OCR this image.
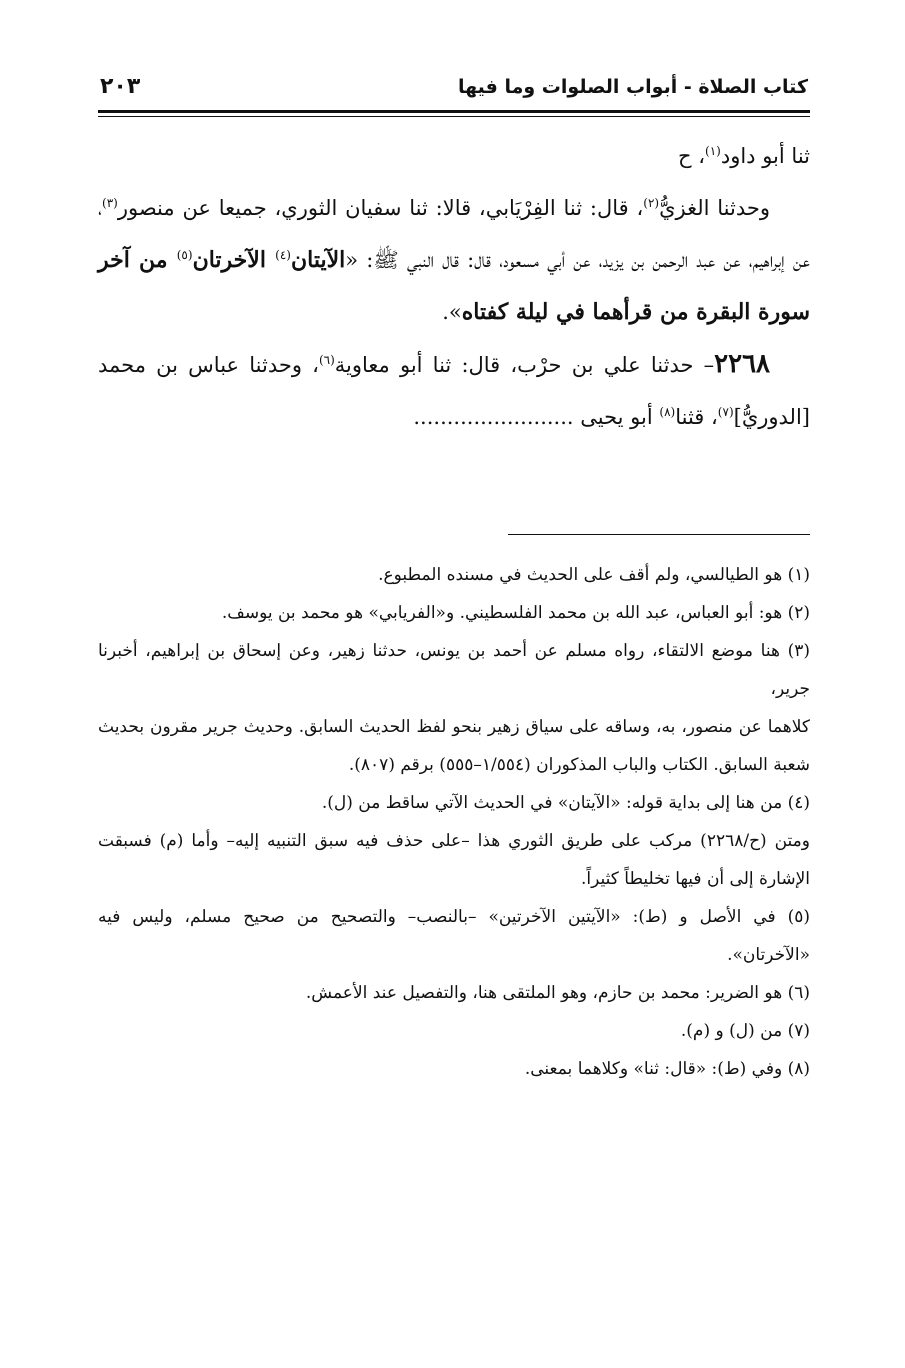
كتاب الصلاة - أبواب الصلوات وما فيها
٢٠٣

ثنا أبو داود$^{(١)}$، ح

وحدثنا الغزيُّ$^{(٢)}$، قال: ثنا الفِرْيَابي، قالا: ثنا سفيان الثوري، جميعا عن منصور$^{(٣)}$، عن إبراهيم، عن عبد الرحمن بن يزيد، عن أبي مسعود، قال: قال النبي ﷺ: «الآيتان$^{(٤)}$ الآخرتان$^{(٥)}$ من آخر سورة البقرة من قرأهما في ليلة كفتاه».

٢٢٦٨– حدثنا علي بن حرْب، قال: ثنا أبو معاوية$^{(٦)}$، وحدثنا عباس بن محمد [الدوريُّ]$^{(٧)}$، قثنا$^{(٨)}$ أبو يحيى ........................

(١) هو الطيالسي، ولم أقف على الحديث في مسنده المطبوع.

(٢) هو: أبو العباس، عبد الله بن محمد الفلسطيني. و«الفريابي» هو محمد بن يوسف.

(٣) هنا موضع الالتقاء، رواه مسلم عن أحمد بن يونس، حدثنا زهير، وعن إسحاق بن إبراهيم، أخبرنا جرير،

كلاهما عن منصور، به، وساقه على سياق زهير بنحو لفظ الحديث السابق. وحديث جرير مقرون بحديث شعبة السابق. الكتاب والباب المذكوران (١/٥٥٤–٥٥٥) برقم (٨٠٧).

(٤) من هنا إلى بداية قوله: «الآيتان» في الحديث الآتي ساقط من (ل).

ومتن (ح/٢٢٦٨) مركب على طريق الثوري هذا –على حذف فيه سبق التنبيه إليه– وأما (م) فسبقت الإشارة إلى أن فيها تخليطاً كثيراً.

(٥) في الأصل و (ط): «الآيتين الآخرتين» –بالنصب– والتصحيح من صحيح مسلم، وليس فيه «الآخرتان».

(٦) هو الضرير: محمد بن حازم، وهو الملتقى هنا، والتفصيل عند الأعمش.

(٧) من (ل) و (م).

(٨) وفي (ط): «قال: ثنا» وكلاهما بمعنى.
